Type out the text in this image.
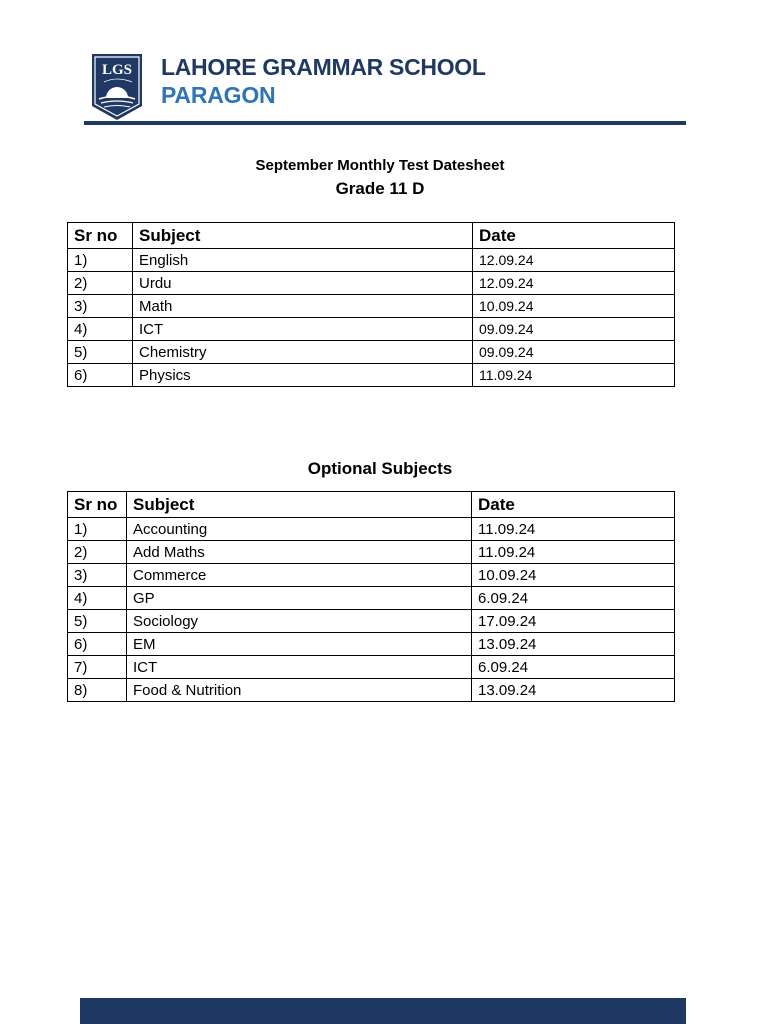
LGS LAHORE GRAMMAR SCHOOL
PARAGON
September Monthly Test Datesheet
Grade 11 D
Sr no	Subject	Date
1)	English	12.09.24
2)	Urdu	12.09.24
3)	Math	10.09.24
4)	ICT	09.09.24
5)	Chemistry	09.09.24
6)	Physics	11.09.24
Optional Subjects
Sr no	Subject	Date
1)	Accounting	11.09.24
2)	Add Maths	11.09.24
3)	Commerce	10.09.24
4)	GP	6.09.24
5)	Sociology	17.09.24
6)	EM	13.09.24
7)	ICT	6.09.24
8)	Food & Nutrition	13.09.24
